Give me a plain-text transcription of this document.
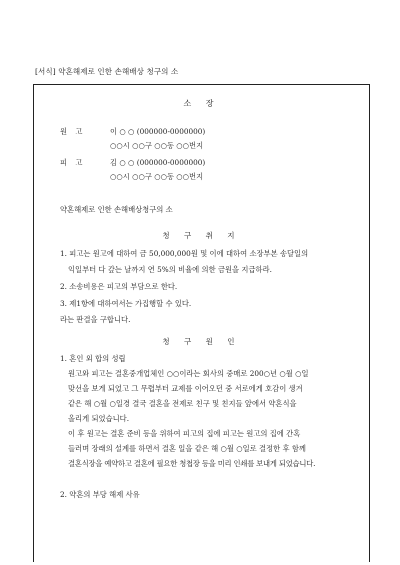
[서식] 약혼해제로 인한 손해배상 청구의 소
소 장
원 고	이 ○ ○ (000000-0000000)
○○시 ○○구 ○○동 ○○번지
피 고	김 ○ ○ (000000-0000000)
○○시 ○○구 ○○동 ○○번지
약혼해제로 인한 손해배상청구의 소
청 구 취 지
1. 피고는 원고에 대하여 금 50,000,000원 및 이에 대하여 소장부본 송달일의
익일부터 다 갚는 날까지 연 5%의 비율에 의한 금원을 지급하라.
2. 소송비용은 피고의 부담으로 한다.
3. 제1항에 대하여서는 가집행할 수 있다.
라는 판결을 구합니다.
청 구 원 인
1. 혼인 외 합의 성립
원고와 피고는 결혼중개업체인 ○○이라는 회사의 중매로 200○년 ○월 ○일
맞선을 보게 되었고 그 무렵부터 교제를 이어오던 중 서로에게 호감이 생겨
같은 해 ○월 ○일경 결국 결혼을 전제로 친구 및 친지들 앞에서 약혼식을
올리게 되었습니다.
이 후 원고는 결혼 준비 등을 위하여 피고의 집에 피고는 원고의 집에 간혹
들러며 장래의 설계를 하면서 결혼 일을 같은 해 ○월 ○일로 결정한 후 함께
결혼식장을 예약하고 결혼에 필요한 청첩장 등을 미리 인쇄를 보내게 되었습니다.
2. 약혼의 부당 해제 사유
